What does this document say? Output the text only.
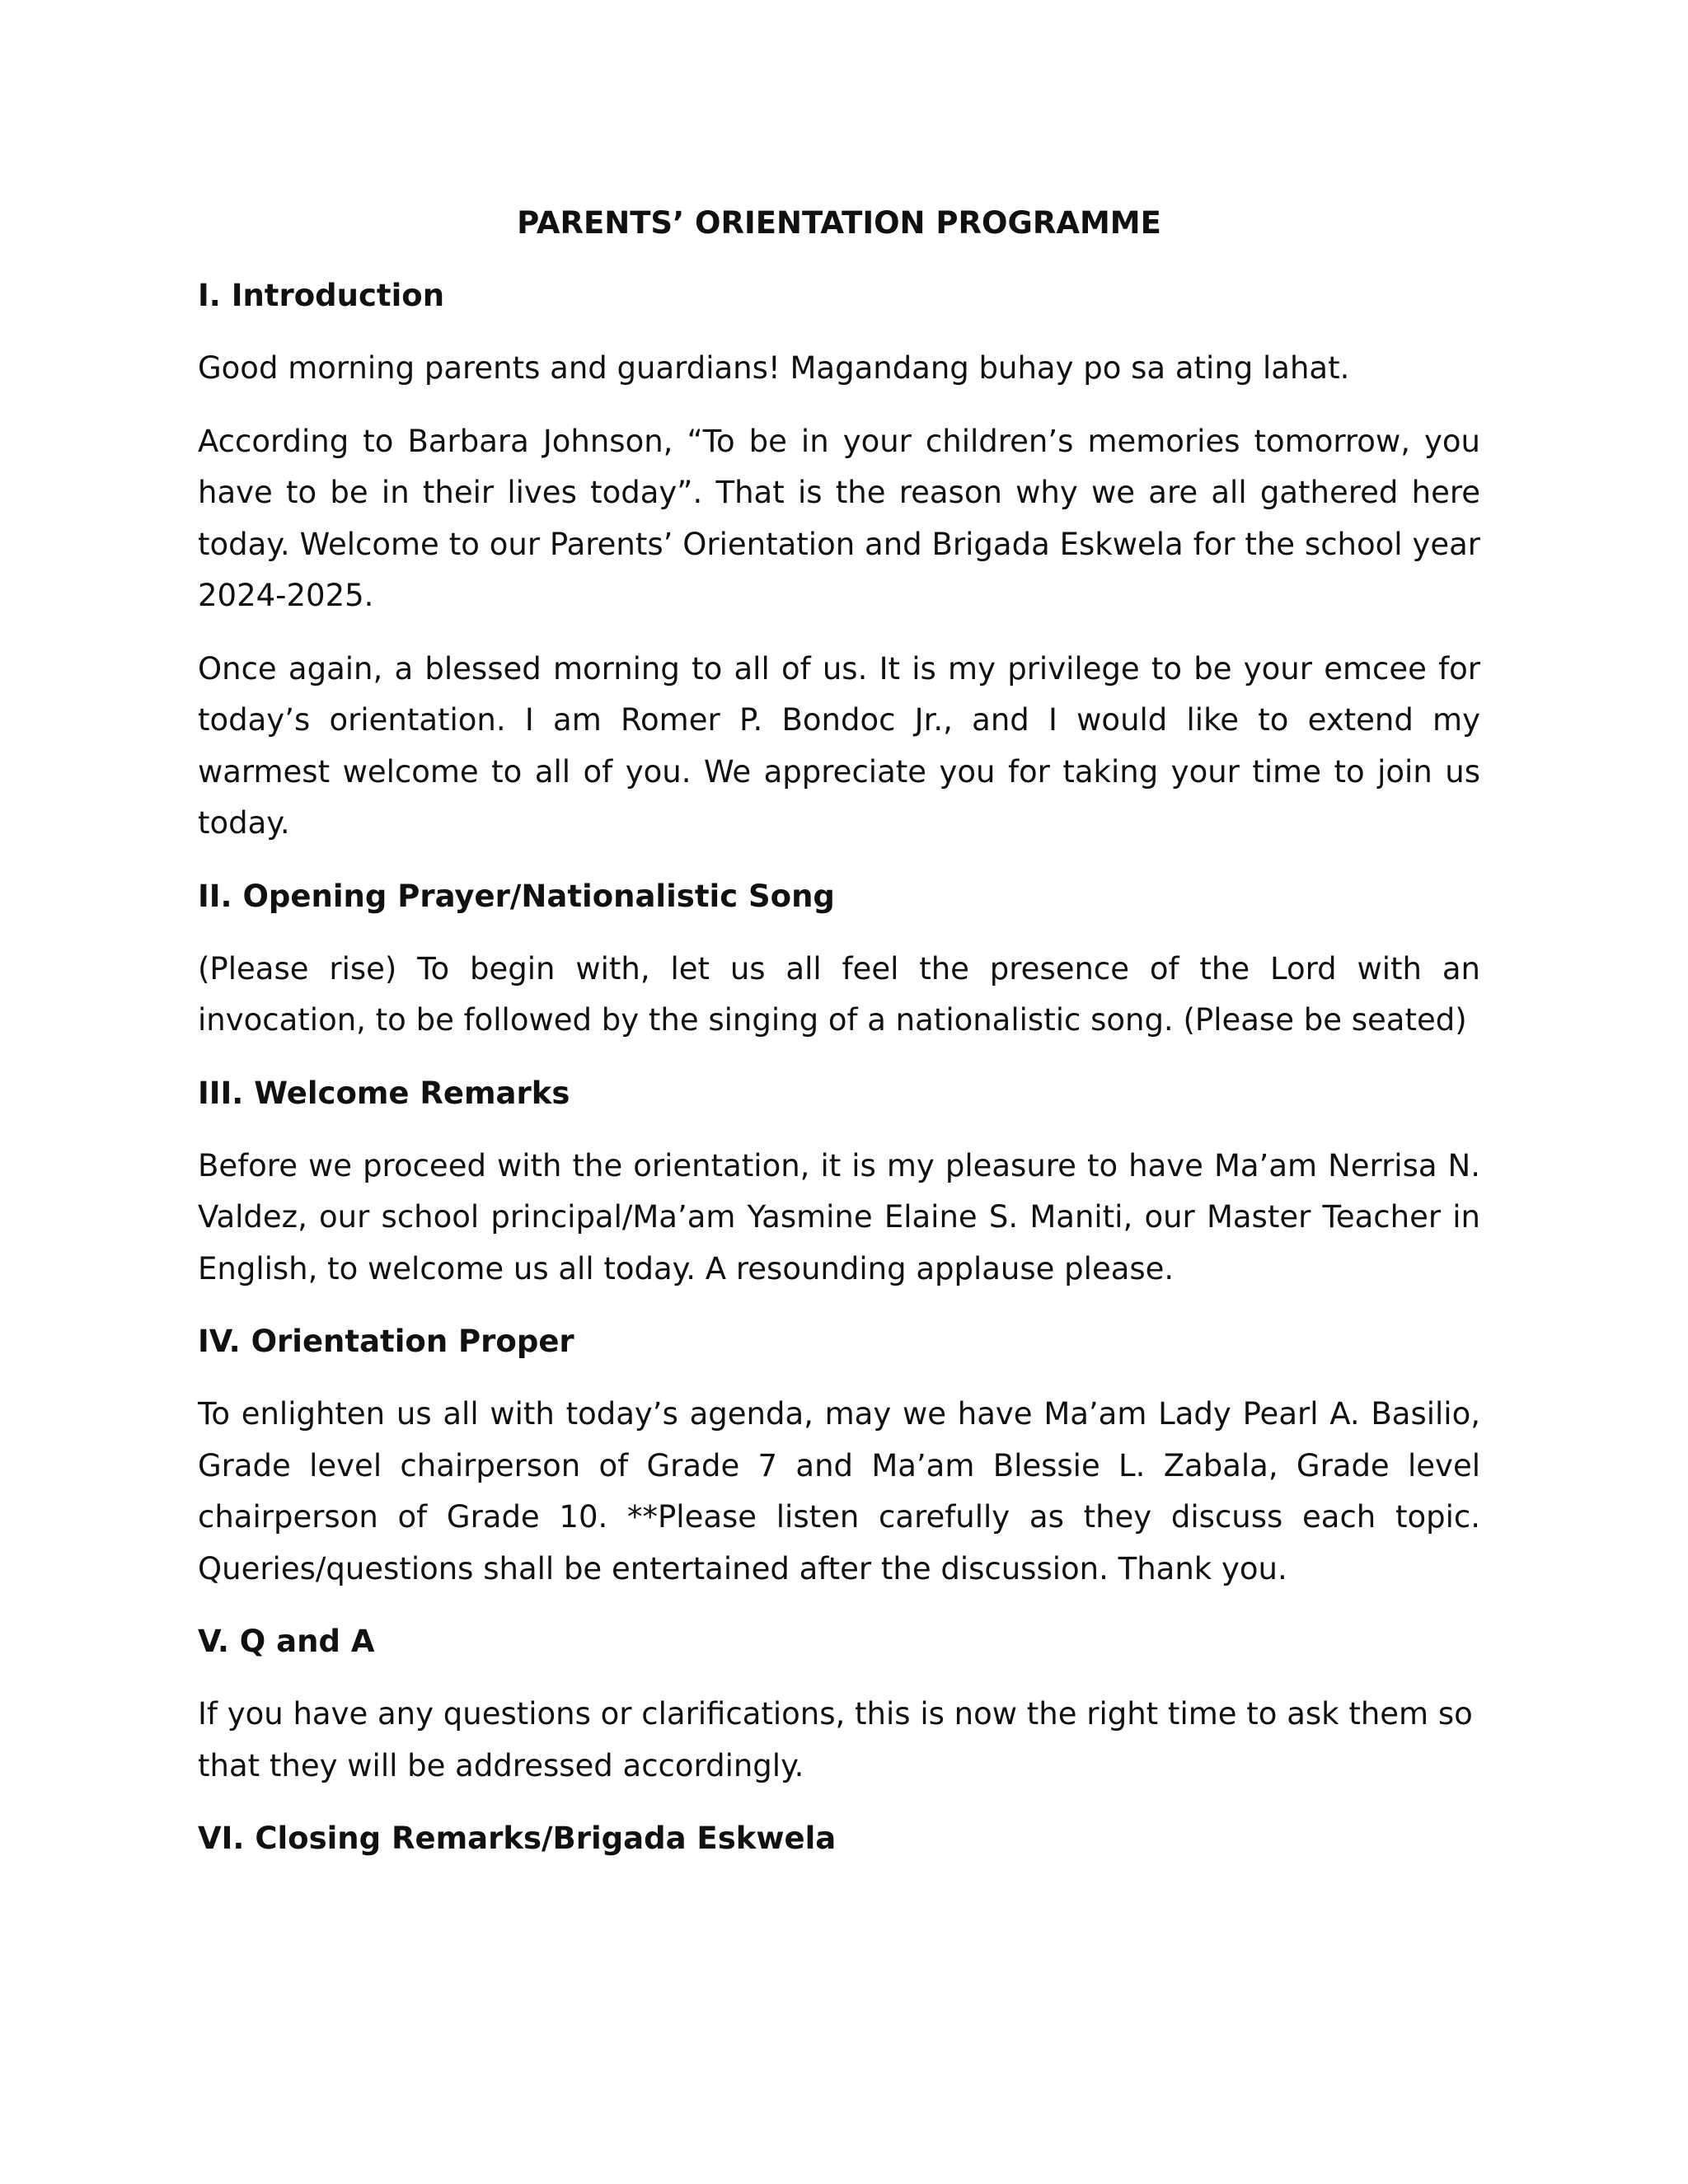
PARENTS’ ORIENTATION PROGRAMME
I. Introduction

Good morning parents and guardians! Magandang buhay po sa ating lahat.

According to Barbara Johnson, “To be in your children’s memories tomorrow, you have to be in their lives today”. That is the reason why we are all gathered here today. Welcome to our Parents’ Orientation and Brigada Eskwela for the school year 2024-2025.

Once again, a blessed morning to all of us. It is my privilege to be your emcee for today’s orientation. I am Romer P. Bondoc Jr., and I would like to extend my warmest welcome to all of you. We appreciate you for taking your time to join us today.

II. Opening Prayer/Nationalistic Song

(Please rise) To begin with, let us all feel the presence of the Lord with an invocation, to be followed by the singing of a nationalistic song. (Please be seated)

III. Welcome Remarks

Before we proceed with the orientation, it is my pleasure to have Ma’am Nerrisa N. Valdez, our school principal/Ma’am Yasmine Elaine S. Maniti, our Master Teacher in English, to welcome us all today. A resounding applause please.

IV. Orientation Proper

To enlighten us all with today’s agenda, may we have Ma’am Lady Pearl A. Basilio, Grade level chairperson of Grade 7 and Ma’am Blessie L. Zabala, Grade level chairperson of Grade 10. **Please listen carefully as they discuss each topic. Queries/questions shall be entertained after the discussion. Thank you.

V. Q and A

If you have any questions or clarifications, this is now the right time to ask them so that they will be addressed accordingly.

VI. Closing Remarks/Brigada Eskwela
